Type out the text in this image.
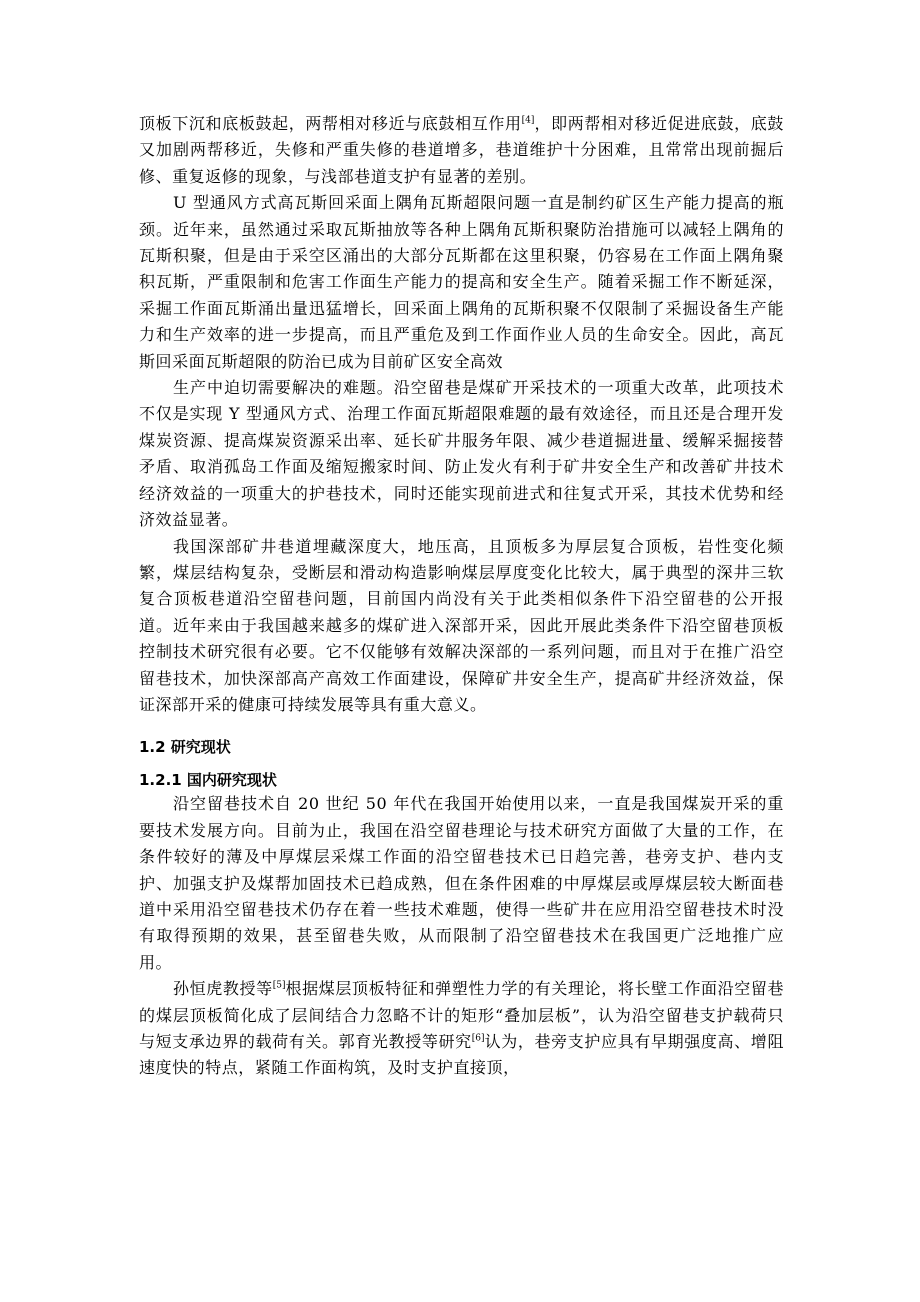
顶板下沉和底板鼓起，两帮相对移近与底鼓相互作用[4]，即两帮相对移近促进底鼓，底鼓又加剧两帮移近，失修和严重失修的巷道增多，巷道维护十分困难，且常常出现前掘后修、重复返修的现象，与浅部巷道支护有显著的差别。

U 型通风方式高瓦斯回采面上隅角瓦斯超限问题一直是制约矿区生产能力提高的瓶颈。近年来，虽然通过采取瓦斯抽放等各种上隅角瓦斯积聚防治措施可以减轻上隅角的瓦斯积聚，但是由于采空区涌出的大部分瓦斯都在这里积聚，仍容易在工作面上隅角聚积瓦斯，严重限制和危害工作面生产能力的提高和安全生产。随着采掘工作不断延深，采掘工作面瓦斯涌出量迅猛增长，回采面上隅角的瓦斯积聚不仅限制了采掘设备生产能力和生产效率的进一步提高，而且严重危及到工作面作业人员的生命安全。因此，高瓦斯回采面瓦斯超限的防治已成为目前矿区安全高效

生产中迫切需要解决的难题。沿空留巷是煤矿开采技术的一项重大改革，此项技术不仅是实现 Y 型通风方式、治理工作面瓦斯超限难题的最有效途径，而且还是合理开发煤炭资源、提高煤炭资源采出率、延长矿井服务年限、减少巷道掘进量、缓解采掘接替矛盾、取消孤岛工作面及缩短搬家时间、防止发火有利于矿井安全生产和改善矿井技术经济效益的一项重大的护巷技术，同时还能实现前进式和往复式开采，其技术优势和经济效益显著。

我国深部矿井巷道埋藏深度大，地压高，且顶板多为厚层复合顶板，岩性变化频繁，煤层结构复杂，受断层和滑动构造影响煤层厚度变化比较大，属于典型的深井三软复合顶板巷道沿空留巷问题，目前国内尚没有关于此类相似条件下沿空留巷的公开报道。近年来由于我国越来越多的煤矿进入深部开采，因此开展此类条件下沿空留巷顶板控制技术研究很有必要。它不仅能够有效解决深部的一系列问题，而且对于在推广沿空留巷技术，加快深部高产高效工作面建设，保障矿井安全生产，提高矿井经济效益，保证深部开采的健康可持续发展等具有重大意义。

1.2 研究现状
1.2.1 国内研究现状

沿空留巷技术自 20 世纪 50 年代在我国开始使用以来，一直是我国煤炭开采的重要技术发展方向。目前为止，我国在沿空留巷理论与技术研究方面做了大量的工作，在条件较好的薄及中厚煤层采煤工作面的沿空留巷技术已日趋完善，巷旁支护、巷内支护、加强支护及煤帮加固技术已趋成熟，但在条件困难的中厚煤层或厚煤层较大断面巷道中采用沿空留巷技术仍存在着一些技术难题，使得一些矿井在应用沿空留巷技术时没有取得预期的效果，甚至留巷失败，从而限制了沿空留巷技术在我国更广泛地推广应用。

孙恒虎教授等[5]根据煤层顶板特征和弹塑性力学的有关理论，将长壁工作面沿空留巷的煤层顶板简化成了层间结合力忽略不计的矩形“叠加层板”，认为沿空留巷支护载荷只与短支承边界的载荷有关。郭育光教授等研究[6]认为，巷旁支护应具有早期强度高、增阻速度快的特点，紧随工作面构筑，及时支护直接顶，
